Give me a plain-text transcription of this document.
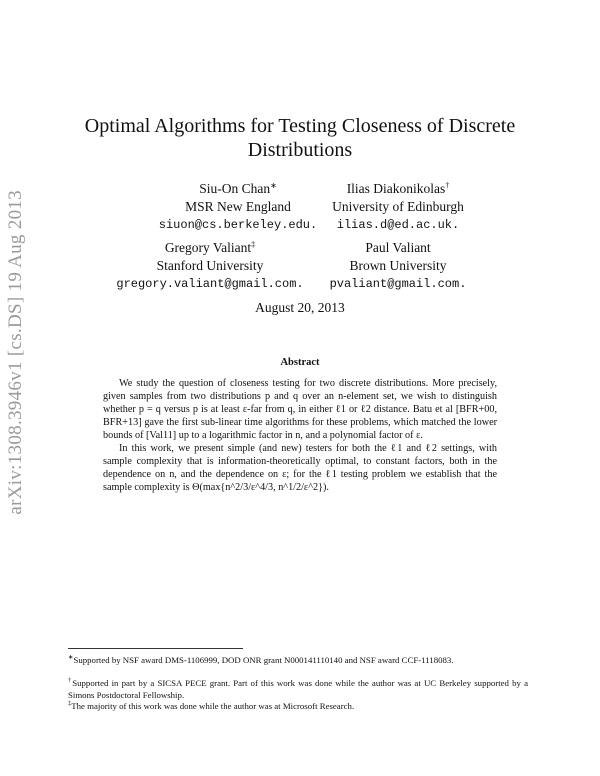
arXiv:1308.3946v1 [cs.DS] 19 Aug 2013
Optimal Algorithms for Testing Closeness of Discrete
Distributions
Siu-On Chan∗
MSR New England
siuon@cs.berkeley.edu.
Ilias Diakonikolas†
University of Edinburgh
ilias.d@ed.ac.uk.
Gregory Valiant‡
Stanford University
gregory.valiant@gmail.com.
Paul Valiant
Brown University
pvaliant@gmail.com.
August 20, 2013
Abstract

We study the question of closeness testing for two discrete distributions. More precisely, given samples from two distributions p and q over an n-element set, we wish to distinguish whether p = q versus p is at least ε-far from q, in either ℓ1 or ℓ2 distance. Batu et al [BFR+00, BFR+13] gave the first sub-linear time algorithms for these problems, which matched the lower bounds of [Val11] up to a logarithmic factor in n, and a polynomial factor of ε.

In this work, we present simple (and new) testers for both the ℓ1 and ℓ2 settings, with sample complexity that is information-theoretically optimal, to constant factors, both in the dependence on n, and the dependence on ε; for the ℓ1 testing problem we establish that the sample complexity is Θ(max{n^2/3/ε^4/3, n^1/2/ε^2}).

∗Supported by NSF award DMS-1106999, DOD ONR grant N000141110140 and NSF award CCF-1118083.
†Supported in part by a SICSA PECE grant. Part of this work was done while the author was at UC Berkeley supported by a Simons Postdoctoral Fellowship.
‡The majority of this work was done while the author was at Microsoft Research.
